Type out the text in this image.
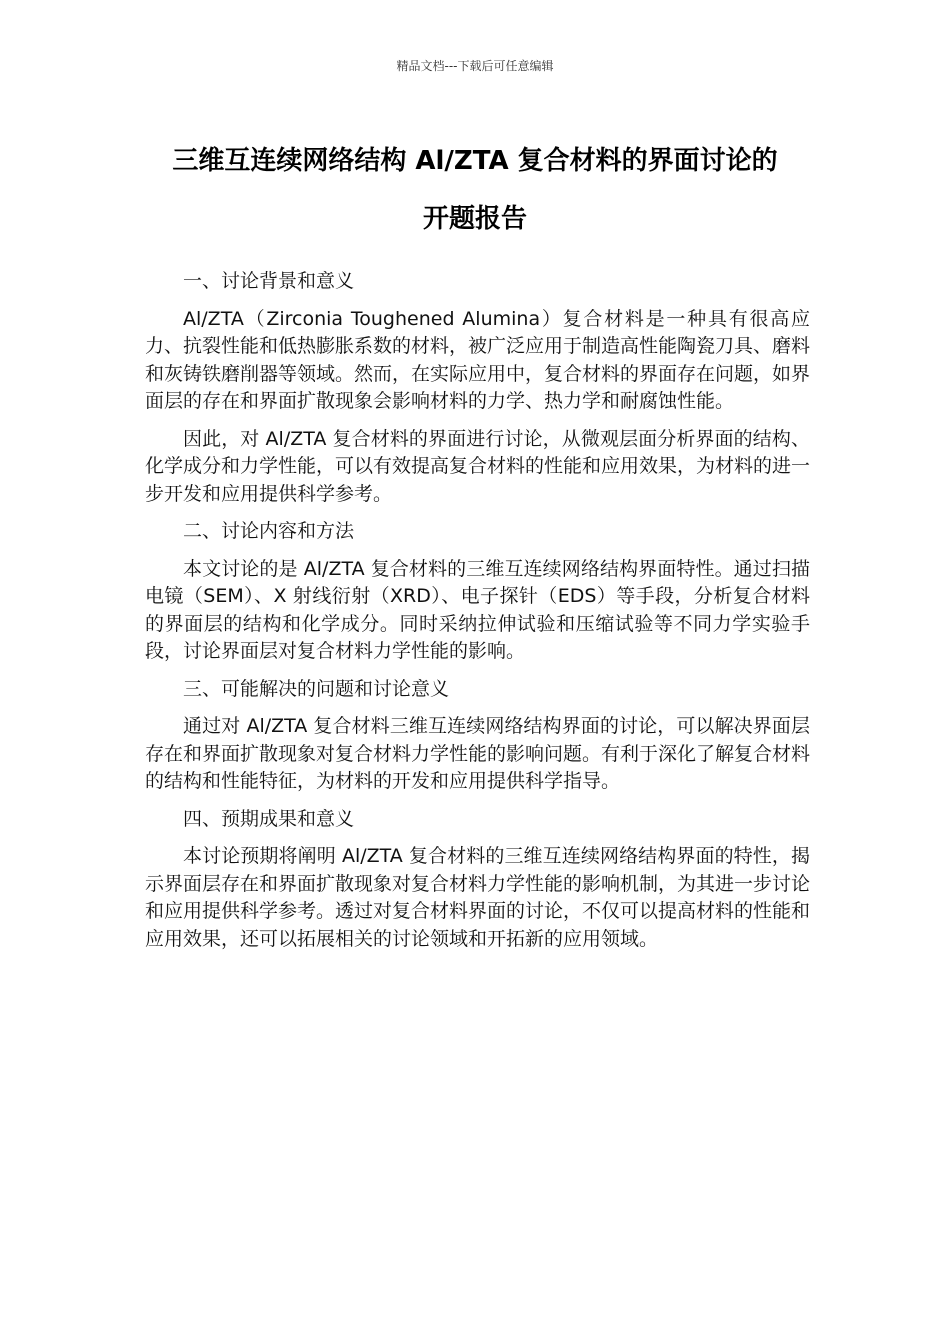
精品文档---下载后可任意编辑
三维互连续网络结构 Al/ZTA 复合材料的界面讨论的
开题报告
一、讨论背景和意义

Al/ZTA（Zirconia Toughened Alumina）复合材料是一种具有很高应力、抗裂性能和低热膨胀系数的材料，被广泛应用于制造高性能陶瓷刀具、磨料和灰铸铁磨削器等领域。然而，在实际应用中，复合材料的界面存在问题，如界面层的存在和界面扩散现象会影响材料的力学、热力学和耐腐蚀性能。

因此，对 Al/ZTA 复合材料的界面进行讨论，从微观层面分析界面的结构、化学成分和力学性能，可以有效提高复合材料的性能和应用效果，为材料的进一步开发和应用提供科学参考。

二、讨论内容和方法

本文讨论的是 Al/ZTA 复合材料的三维互连续网络结构界面特性。通过扫描电镜（SEM）、X 射线衍射（XRD）、电子探针（EDS）等手段，分析复合材料的界面层的结构和化学成分。同时采纳拉伸试验和压缩试验等不同力学实验手段，讨论界面层对复合材料力学性能的影响。

三、可能解决的问题和讨论意义

通过对 Al/ZTA 复合材料三维互连续网络结构界面的讨论，可以解决界面层存在和界面扩散现象对复合材料力学性能的影响问题。有利于深化了解复合材料的结构和性能特征，为材料的开发和应用提供科学指导。

四、预期成果和意义

本讨论预期将阐明 Al/ZTA 复合材料的三维互连续网络结构界面的特性，揭示界面层存在和界面扩散现象对复合材料力学性能的影响机制，为其进一步讨论和应用提供科学参考。透过对复合材料界面的讨论，不仅可以提高材料的性能和应用效果，还可以拓展相关的讨论领域和开拓新的应用领域。
